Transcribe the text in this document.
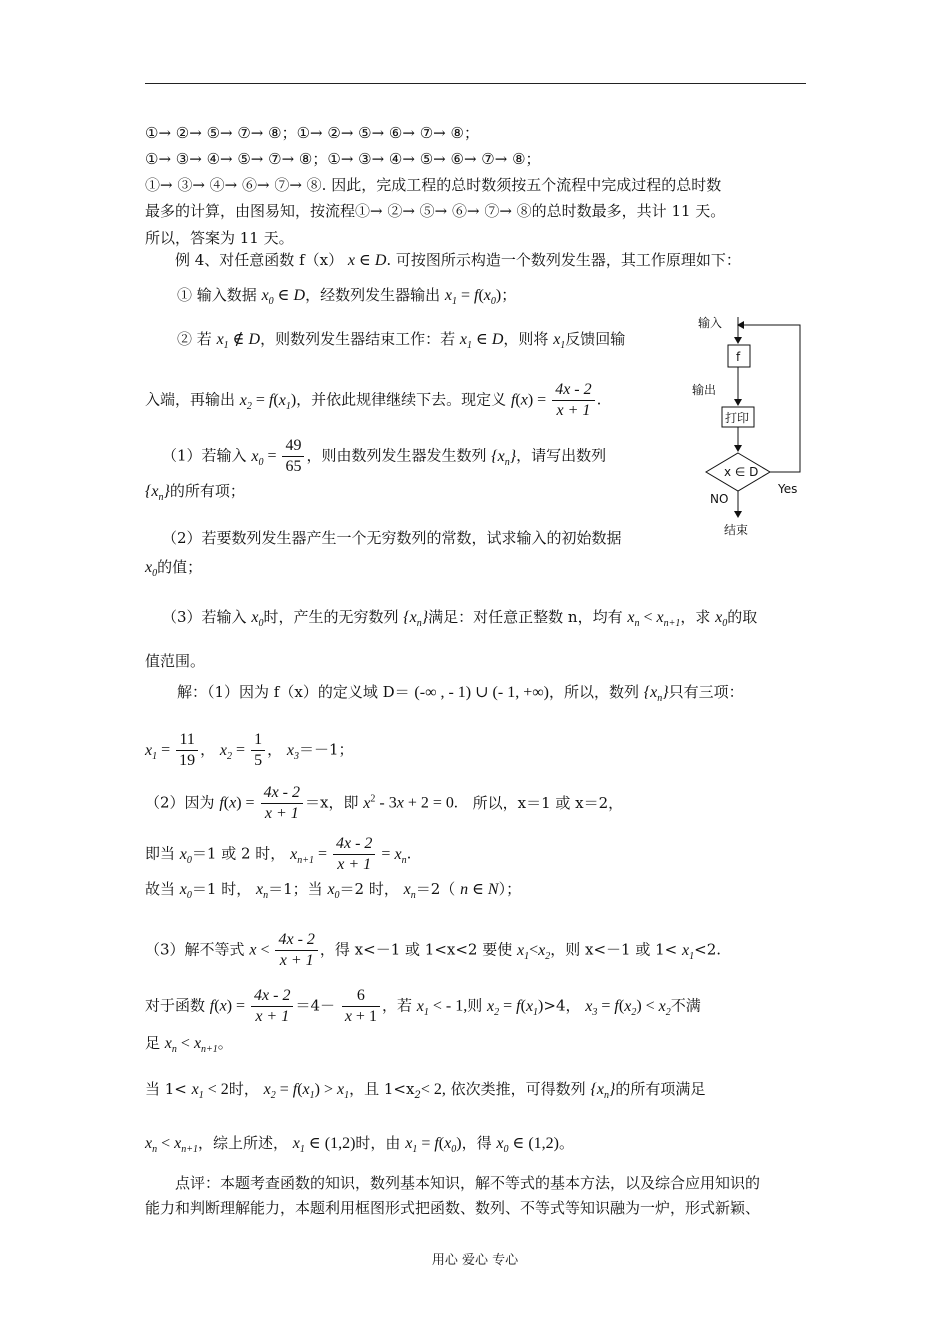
①→ ②→ ⑤→ ⑦→ ⑧；①→ ②→ ⑤→ ⑥→ ⑦→ ⑧；
①→ ③→ ④→ ⑤→ ⑦→ ⑧；①→ ③→ ④→ ⑤→ ⑥→ ⑦→ ⑧；
①→ ③→ ④→ ⑥→ ⑦→ ⑧. 因此，完成工程的总时数须按五个流程中完成过程的总时数
最多的计算，由图易知，按流程①→ ②→ ⑤→ ⑥→ ⑦→ ⑧的总时数最多，共计 11 天。
所以，答案为 11 天。
例 4、对任意函数 f（x） x ∈ D. 可按图所示构造一个数列发生器，其工作原理如下：
① 输入数据 $x_0$ ∈ D，经数列发生器输出 $x_1 = f(x_0)$；
② 若 $x_1$ ∉ D，则数列发生器结束工作：若 $x_1$ ∈ D，则将 $x_1$反馈回输
入端，再输出 $x_2 = f(x_1)$，并依此规律继续下去。现定义 $f(x) = \frac{4x - 2}{x + 1}$ .
（1）若输入 $x_0 = \frac{49}{65}$ ，则由数列发生器发生数列 $\{x_n\}$，请写出数列
$\{x_n\}$的所有项；
（2）若要数列发生器产生一个无穷数列的常数，试求输入的初始数据
$x_0$的值；
（3）若输入 $x_0$时，产生的无穷数列 $\{x_n\}$满足：对任意正整数 n，均有 $x_n < x_{n+1}$，求 $x_0$的取
值范围。
解：（1）因为 f（x）的定义域 D＝ (-∞ , - 1) ∪ (- 1, +∞)，所以，数列 $\{x_n\}$只有三项：
$x_1 = \frac{11}{19}$ ， $x_2 = \frac{1}{5}$ ， $x_3=-1$；
（2）因为 $f(x) = \frac{4x - 2}{x + 1} =x$，即 $x^2 - 3x + 2 = 0$. 所以，x＝1 或 x＝2，
即当 $x_0=1$ 或 2 时， $x_{n+1} = \frac{4x - 2}{x + 1} = x_n$.
故当 $x_0=1$ 时， $x_n=1$；当 $x_0=2$ 时， $x_n=2$（ n ∈ N）；
（3）解不等式 $x < \frac{4x - 2}{x + 1}$ ，得 x<－1 或 1<x<2 要使 $x_1<x_2$，则 x<－1 或 $1< x_1<2$.
对于函数 $f(x) = \frac{4x - 2}{x + 1} =4- \frac{6}{x + 1}$ ，若 $x_1$ < - 1,则 $x_2 = f(x_1)>4$， $x_3 = f(x_2) < x_2$不满
足 $x_n < x_{n+1}$。
当 $1< x_1 < 2$时， $x_2 = f(x_1) > x_1$，且 $1<x_2< 2$, 依次类推，可得数列 $\{x_n\}$的所有项满足
$x_n < x_{n+1}$，综上所述， $x_1$ ∈ (1,2)时，由 $x_1 = f(x_0)$，得 $x_0$ ∈ (1,2)。
点评：本题考查函数的知识，数列基本知识，解不等式的基本方法，以及综合应用知识的
能力和判断理解能力，本题利用框图形式把函数、数列、不等式等知识融为一炉，形式新颖、
输入
f
输出
打印
x ∈ D
Yes
NO
结束
用心 爱心 专心
